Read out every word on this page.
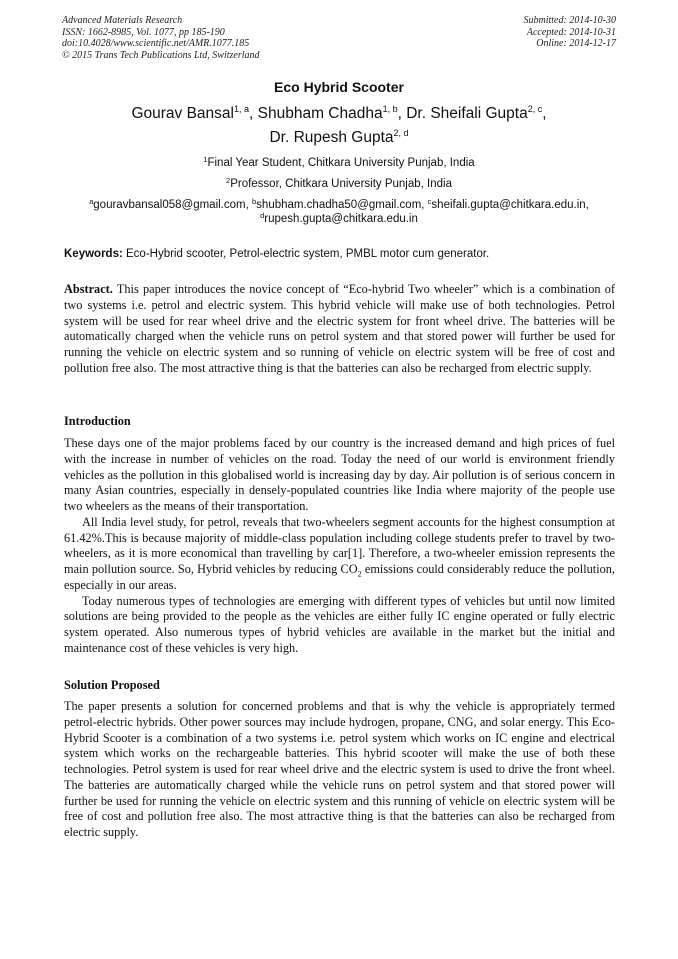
Advanced Materials Research
ISSN: 1662-8985, Vol. 1077, pp 185-190
doi:10.4028/www.scientific.net/AMR.1077.185
© 2015 Trans Tech Publications Ltd, Switzerland
Submitted: 2014-10-30
Accepted: 2014-10-31
Online: 2014-12-17
Eco Hybrid Scooter
Gourav Bansal$^{1, a}$, Shubham Chadha$^{1, b}$, Dr. Sheifali Gupta$^{2, c}$,
Dr. Rupesh Gupta$^{2, d}$
$^1$Final Year Student, Chitkara University Punjab, India
$^2$Professor, Chitkara University Punjab, India
$^a$gouravbansal058@gmail.com, $^b$shubham.chadha50@gmail.com, $^c$sheifali.gupta@chitkara.edu.in,
$^d$rupesh.gupta@chitkara.edu.in
Keywords: Eco-Hybrid scooter, Petrol-electric system, PMBL motor cum generator.

Abstract. This paper introduces the novice concept of “Eco-hybrid Two wheeler” which is a combination of two systems i.e. petrol and electric system. This hybrid vehicle will make use of both technologies. Petrol system will be used for rear wheel drive and the electric system for front wheel drive. The batteries will be automatically charged when the vehicle runs on petrol system and that stored power will further be used for running the vehicle on electric system and so running of vehicle on electric system will be free of cost and pollution free also. The most attractive thing is that the batteries can also be recharged from electric supply.

Introduction

These days one of the major problems faced by our country is the increased demand and high prices of fuel with the increase in number of vehicles on the road. Today the need of our world is environment friendly vehicles as the pollution in this globalised world is increasing day by day. Air pollution is of serious concern in many Asian countries, especially in densely-populated countries like India where majority of the people use two wheelers as the means of their transportation.

All India level study, for petrol, reveals that two-wheelers segment accounts for the highest consumption at 61.42%.This is because majority of middle-class population including college students prefer to travel by two-wheelers, as it is more economical than travelling by car[1]. Therefore, a two-wheeler emission represents the main pollution source. So, Hybrid vehicles by reducing $CO_2$ emissions could considerably reduce the pollution, especially in our areas.

Today numerous types of technologies are emerging with different types of vehicles but until now limited solutions are being provided to the people as the vehicles are either fully IC engine operated or fully electric system operated. Also numerous types of hybrid vehicles are available in the market but the initial and maintenance cost of these vehicles is very high.

Solution Proposed

The paper presents a solution for concerned problems and that is why the vehicle is appropriately termed petrol-electric hybrids. Other power sources may include hydrogen, propane, CNG, and solar energy. This Eco-Hybrid Scooter is a combination of a two systems i.e. petrol system which works on IC engine and electrical system which works on the rechargeable batteries. This hybrid scooter will make the use of both these technologies. Petrol system is used for rear wheel drive and the electric system is used to drive the front wheel. The batteries are automatically charged while the vehicle runs on petrol system and that stored power will further be used for running the vehicle on electric system and this running of vehicle on electric system will be free of cost and pollution free also. The most attractive thing is that the batteries can also be recharged from electric supply.
